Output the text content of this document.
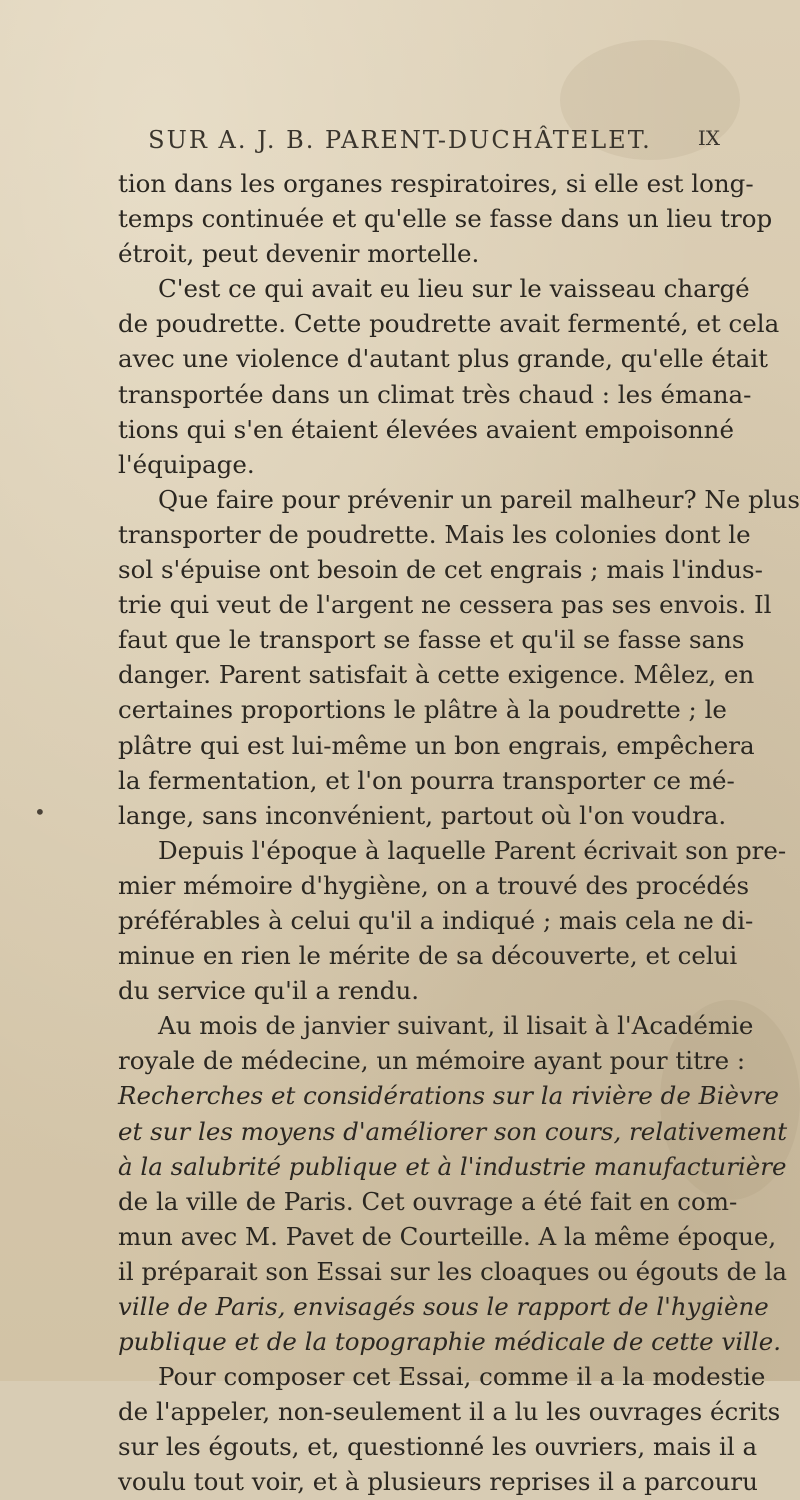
SUR A. J. B. PARENT-DUCHÂTELET.	IX
•
tion dans les organes respiratoires, si elle est long-
temps continuée et qu'elle se fasse dans un lieu trop
étroit, peut devenir mortelle.
C'est ce qui avait eu lieu sur le vaisseau chargé
de poudrette. Cette poudrette avait fermenté, et cela
avec une violence d'autant plus grande, qu'elle était
transportée dans un climat très chaud : les émana-
tions qui s'en étaient élevées avaient empoisonné
l'équipage.
Que faire pour prévenir un pareil malheur? Ne plus
transporter de poudrette. Mais les colonies dont le
sol s'épuise ont besoin de cet engrais ; mais l'indus-
trie qui veut de l'argent ne cessera pas ses envois. Il
faut que le transport se fasse et qu'il se fasse sans
danger. Parent satisfait à cette exigence. Mêlez, en
certaines proportions le plâtre à la poudrette ; le
plâtre qui est lui-même un bon engrais, empêchera
la fermentation, et l'on pourra transporter ce mé-
lange, sans inconvénient, partout où l'on voudra.
Depuis l'époque à laquelle Parent écrivait son pre-
mier mémoire d'hygiène, on a trouvé des procédés
préférables à celui qu'il a indiqué ; mais cela ne di-
minue en rien le mérite de sa découverte, et celui
du service qu'il a rendu.
Au mois de janvier suivant, il lisait à l'Académie
royale de médecine, un mémoire ayant pour titre :
Recherches et considérations sur la rivière de Bièvre
et sur les moyens d'améliorer son cours, relativement
à la salubrité publique et à l'industrie manufacturière
de la ville de Paris. Cet ouvrage a été fait en com-
mun avec M. Pavet de Courteille. A la même époque,
il préparait son Essai sur les cloaques ou égouts de la
ville de Paris, envisagés sous le rapport de l'hygiène
publique et de la topographie médicale de cette ville.
Pour composer cet Essai, comme il a la modestie
de l'appeler, non-seulement il a lu les ouvrages écrits
sur les égouts, et, questionné les ouvriers, mais il a
voulu tout voir, et à plusieurs reprises il a parcouru
